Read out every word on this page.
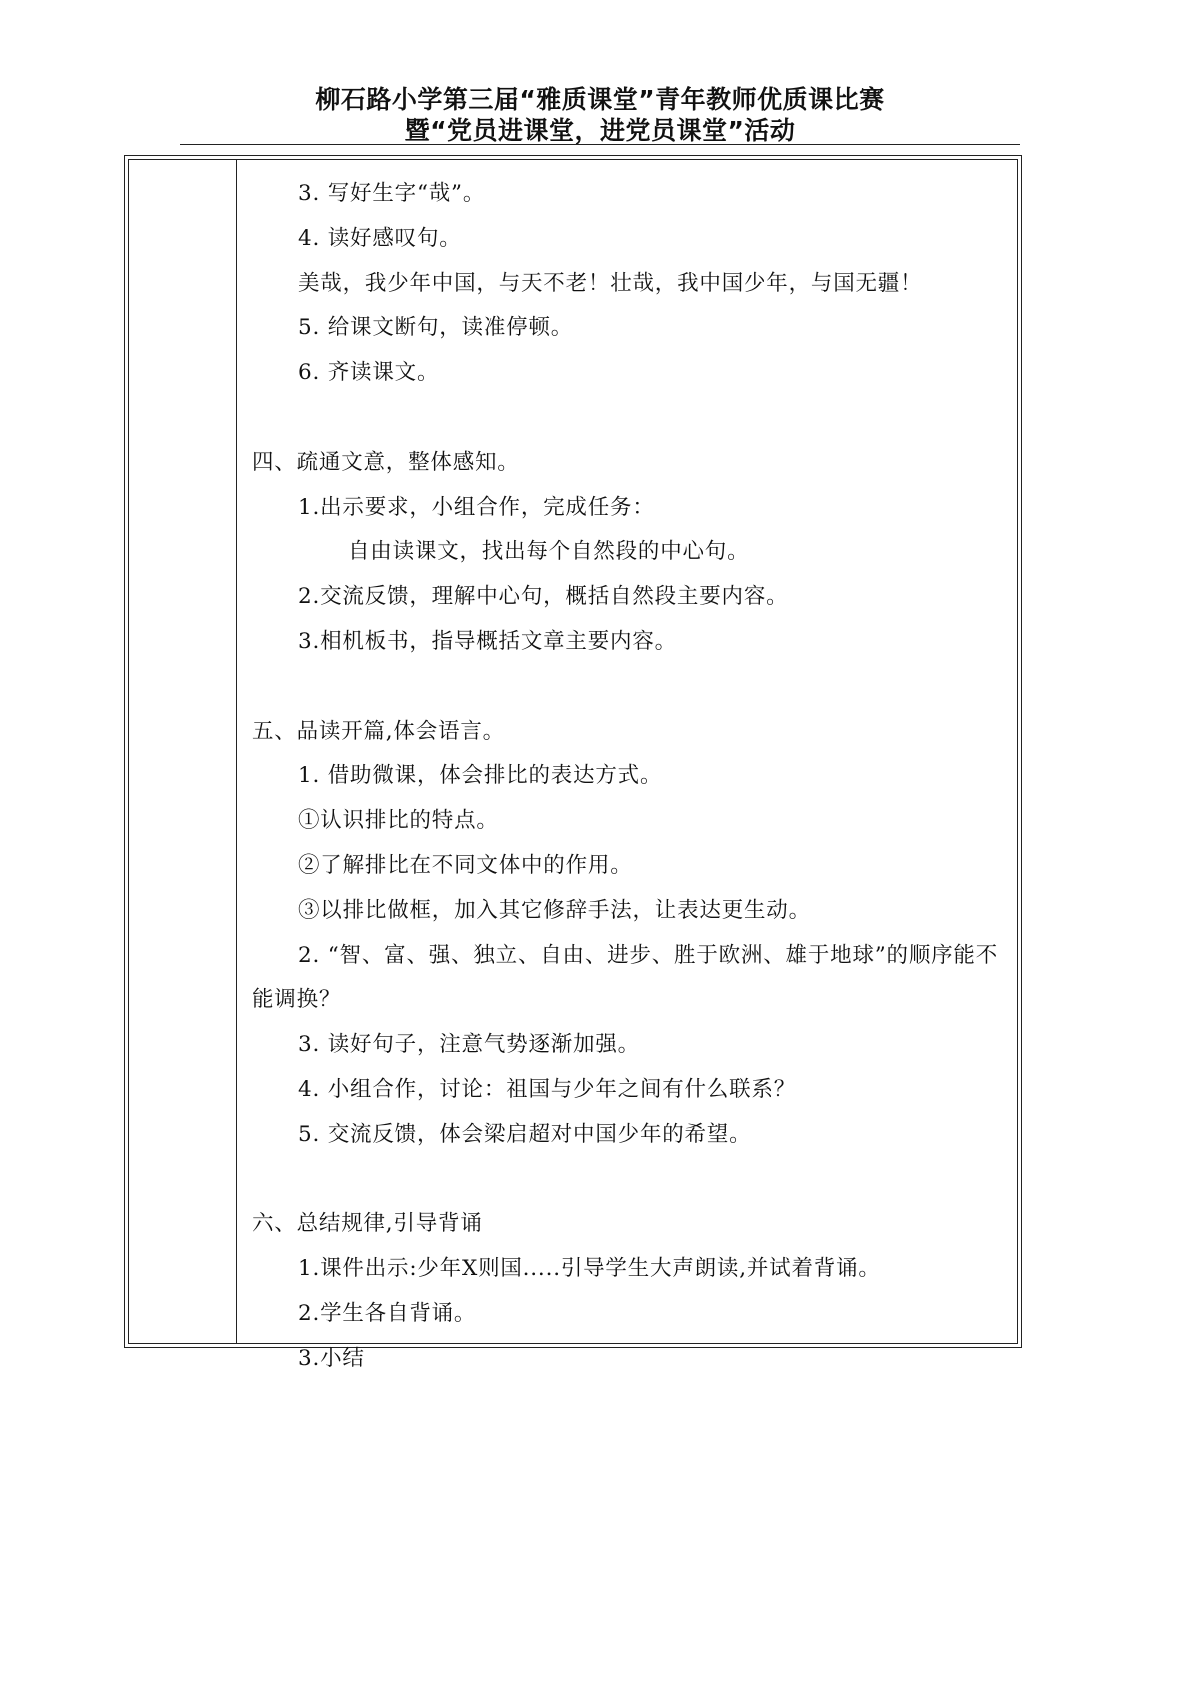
柳石路小学第三届“雅质课堂”青年教师优质课比赛
暨“党员进课堂，进党员课堂”活动
3. 写好生字“哉”。
4. 读好感叹句。
美哉，我少年中国，与天不老！壮哉，我中国少年，与国无疆！
5. 给课文断句，读准停顿。
6. 齐读课文。
四、疏通文意，整体感知。
1.出示要求，小组合作，完成任务：
自由读课文，找出每个自然段的中心句。
2.交流反馈，理解中心句，概括自然段主要内容。
3.相机板书，指导概括文章主要内容。
五、品读开篇,体会语言。
1. 借助微课，体会排比的表达方式。
①认识排比的特点。
②了解排比在不同文体中的作用。
③以排比做框，加入其它修辞手法，让表达更生动。
2. “智、富、强、独立、自由、进步、胜于欧洲、雄于地球”的顺序能不
能调换？
3. 读好句子，注意气势逐渐加强。
4. 小组合作，讨论：祖国与少年之间有什么联系？
5. 交流反馈，体会梁启超对中国少年的希望。
六、总结规律,引导背诵
1.课件出示:少年X则国.....引导学生大声朗读,并试着背诵。
2.学生各自背诵。
3.小结
